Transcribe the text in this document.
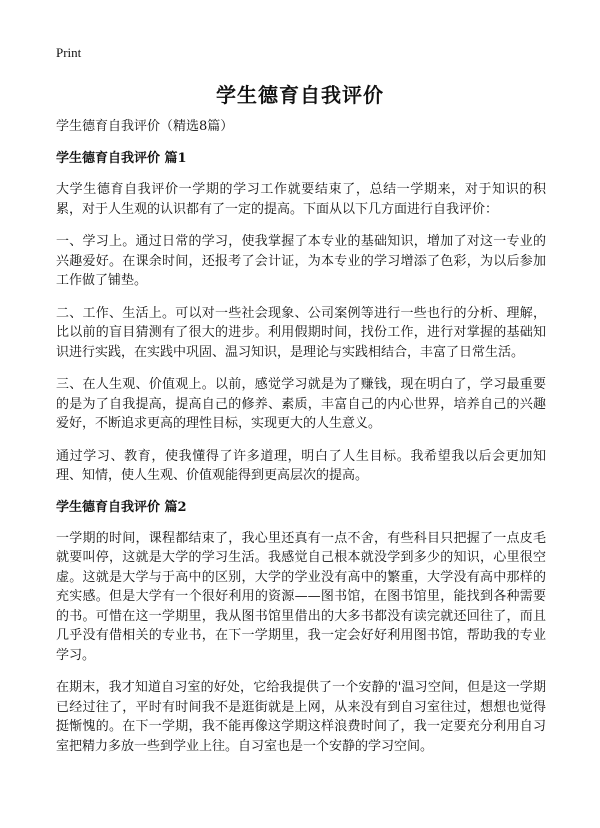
Print
学生德育自我评价

学生德育自我评价（精选8篇）

学生德育自我评价 篇1

大学生德育自我评价一学期的学习工作就要结束了，总结一学期来，对于知识的积累，对于人生观的认识都有了一定的提高。下面从以下几方面进行自我评价：

一、学习上。通过日常的学习，使我掌握了本专业的基础知识，增加了对这一专业的兴趣爱好。在课余时间，还报考了会计证，为本专业的学习增添了色彩，为以后参加工作做了铺垫。

二、工作、生活上。可以对一些社会现象、公司案例等进行一些也行的分析、理解，比以前的盲目猜测有了很大的进步。利用假期时间，找份工作，进行对掌握的基础知识进行实践，在实践中巩固、温习知识，是理论与实践相结合，丰富了日常生活。

三、在人生观、价值观上。以前，感觉学习就是为了赚钱，现在明白了，学习最重要的是为了自我提高，提高自己的修养、素质，丰富自己的内心世界，培养自己的兴趣爱好，不断追求更高的理性目标，实现更大的人生意义。

通过学习、教育，使我懂得了许多道理，明白了人生目标。我希望我以后会更加知理、知情，使人生观、价值观能得到更高层次的提高。

学生德育自我评价 篇2

一学期的时间，课程都结束了，我心里还真有一点不舍，有些科目只把握了一点皮毛就要叫停，这就是大学的学习生活。我感觉自己根本就没学到多少的知识，心里很空虚。这就是大学与于高中的区别，大学的学业没有高中的繁重，大学没有高中那样的充实感。但是大学有一个很好利用的资源——图书馆，在图书馆里，能找到各种需要的书。可惜在这一学期里，我从图书馆里借出的大多书都没有读完就还回往了，而且几乎没有借相关的专业书，在下一学期里，我一定会好好利用图书馆，帮助我的专业学习。

在期末，我才知道自习室的好处，它给我提供了一个安静的'温习空间，但是这一学期已经过往了，平时有时间我不是逛街就是上网，从来没有到自习室往过，想想也觉得挺惭愧的。在下一学期，我不能再像这学期这样浪费时间了，我一定要充分利用自习室把精力多放一些到学业上往。自习室也是一个安静的学习空间。
